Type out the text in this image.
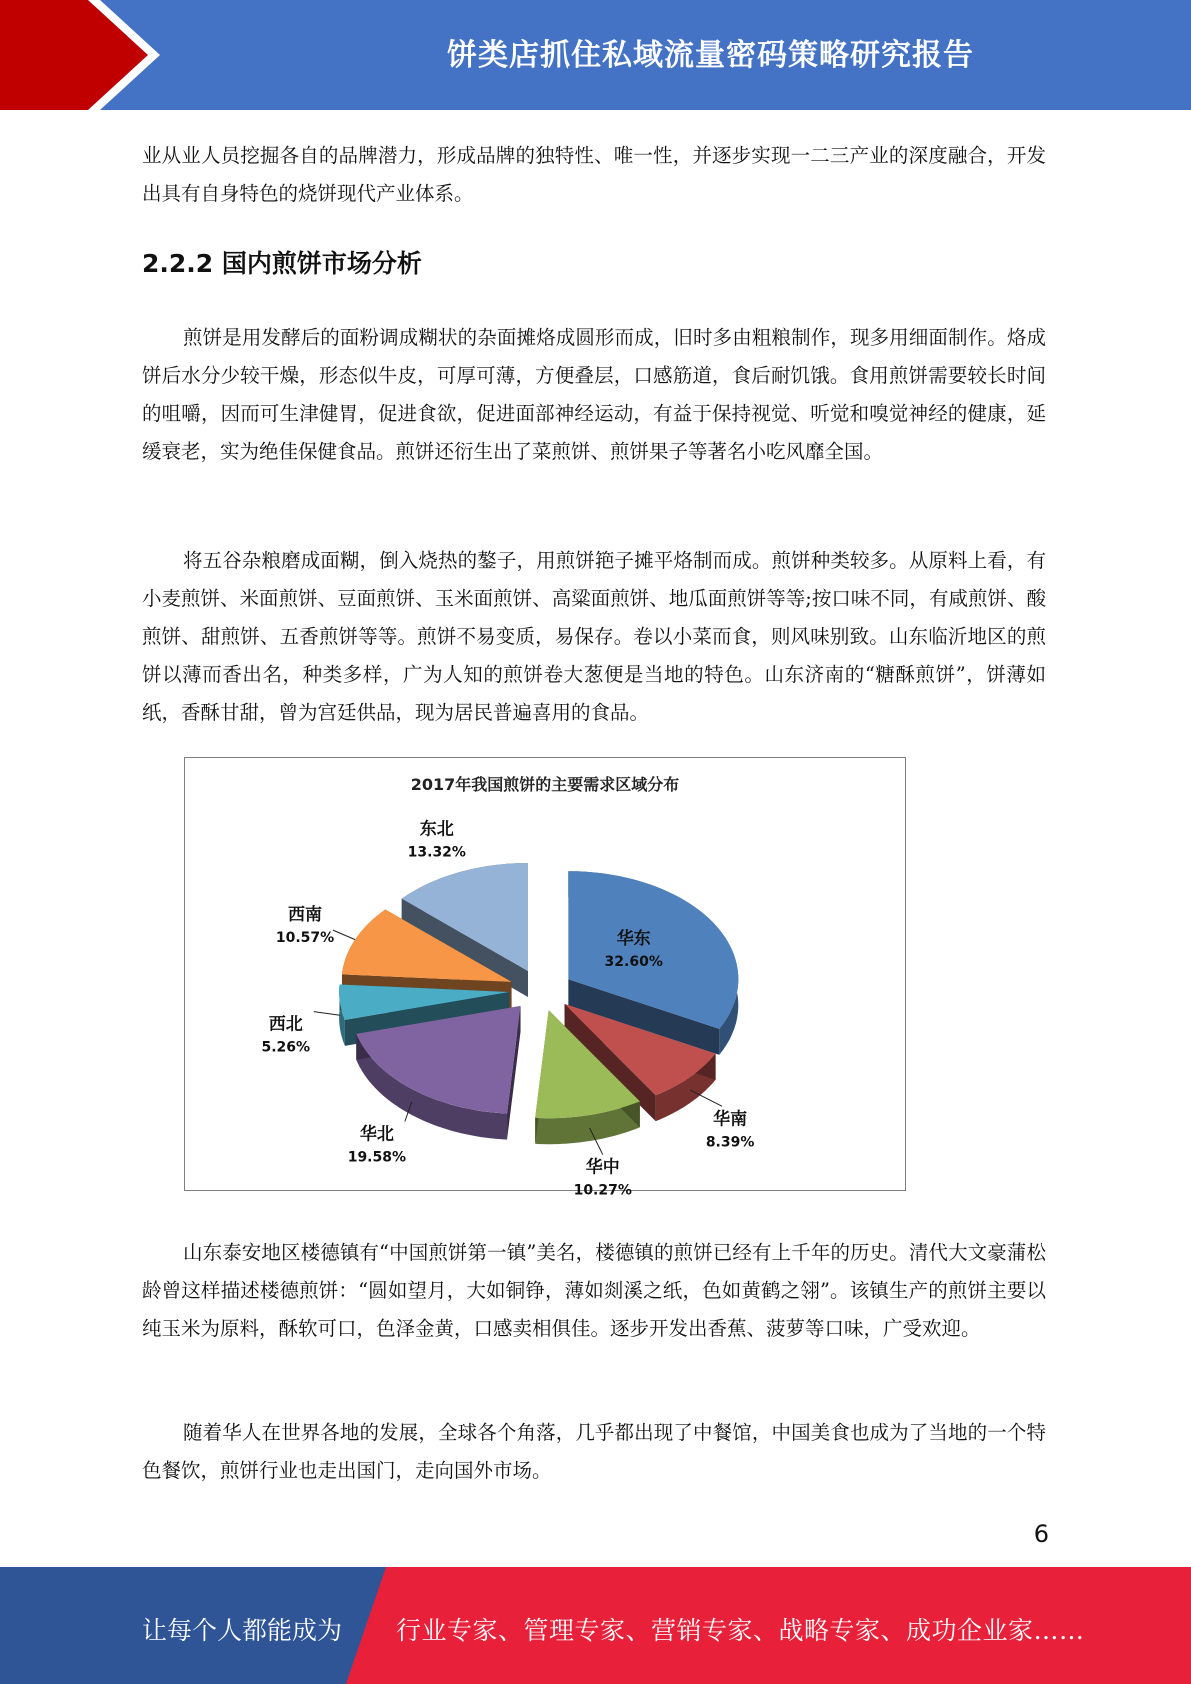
饼类店抓住私域流量密码策略研究报告
业从业人员挖掘各自的品牌潜力，形成品牌的独特性、唯一性，并逐步实现一二三产业的深度融合，开发出具有自身特色的烧饼现代产业体系。
2.2.2 国内煎饼市场分析
煎饼是用发酵后的面粉调成糊状的杂面摊烙成圆形而成，旧时多由粗粮制作，现多用细面制作。烙成饼后水分少较干燥，形态似牛皮，可厚可薄，方便叠层，口感筋道，食后耐饥饿。食用煎饼需要较长时间的咀嚼，因而可生津健胃，促进食欲，促进面部神经运动，有益于保持视觉、听觉和嗅觉神经的健康，延缓衰老，实为绝佳保健食品。煎饼还衍生出了菜煎饼、煎饼果子等著名小吃风靡全国。
将五谷杂粮磨成面糊，倒入烧热的鏊子，用煎饼筢子摊平烙制而成。煎饼种类较多。从原料上看，有小麦煎饼、米面煎饼、豆面煎饼、玉米面煎饼、高粱面煎饼、地瓜面煎饼等等;按口味不同，有咸煎饼、酸煎饼、甜煎饼、五香煎饼等等。煎饼不易变质，易保存。卷以小菜而食，则风味别致。山东临沂地区的煎饼以薄而香出名，种类多样，广为人知的煎饼卷大葱便是当地的特色。山东济南的“糖酥煎饼”，饼薄如纸，香酥甘甜，曾为宫廷供品，现为居民普遍喜用的食品。
2017年我国煎饼的主要需求区域分布
华东
32.60%
华南
8.39%
华中
10.27%
华北
19.58%
西北
5.26%
西南
10.57%
东北
13.32%
山东泰安地区楼德镇有“中国煎饼第一镇”美名，楼德镇的煎饼已经有上千年的历史。清代大文豪蒲松龄曾这样描述楼德煎饼：“圆如望月，大如铜铮，薄如剡溪之纸，色如黄鹤之翎”。该镇生产的煎饼主要以纯玉米为原料，酥软可口，色泽金黄，口感卖相俱佳。逐步开发出香蕉、菠萝等口味，广受欢迎。
随着华人在世界各地的发展，全球各个角落，几乎都出现了中餐馆，中国美食也成为了当地的一个特色餐饮，煎饼行业也走出国门，走向国外市场。
6
让每个人都能成为 行业专家、管理专家、营销专家、战略专家、成功企业家……
